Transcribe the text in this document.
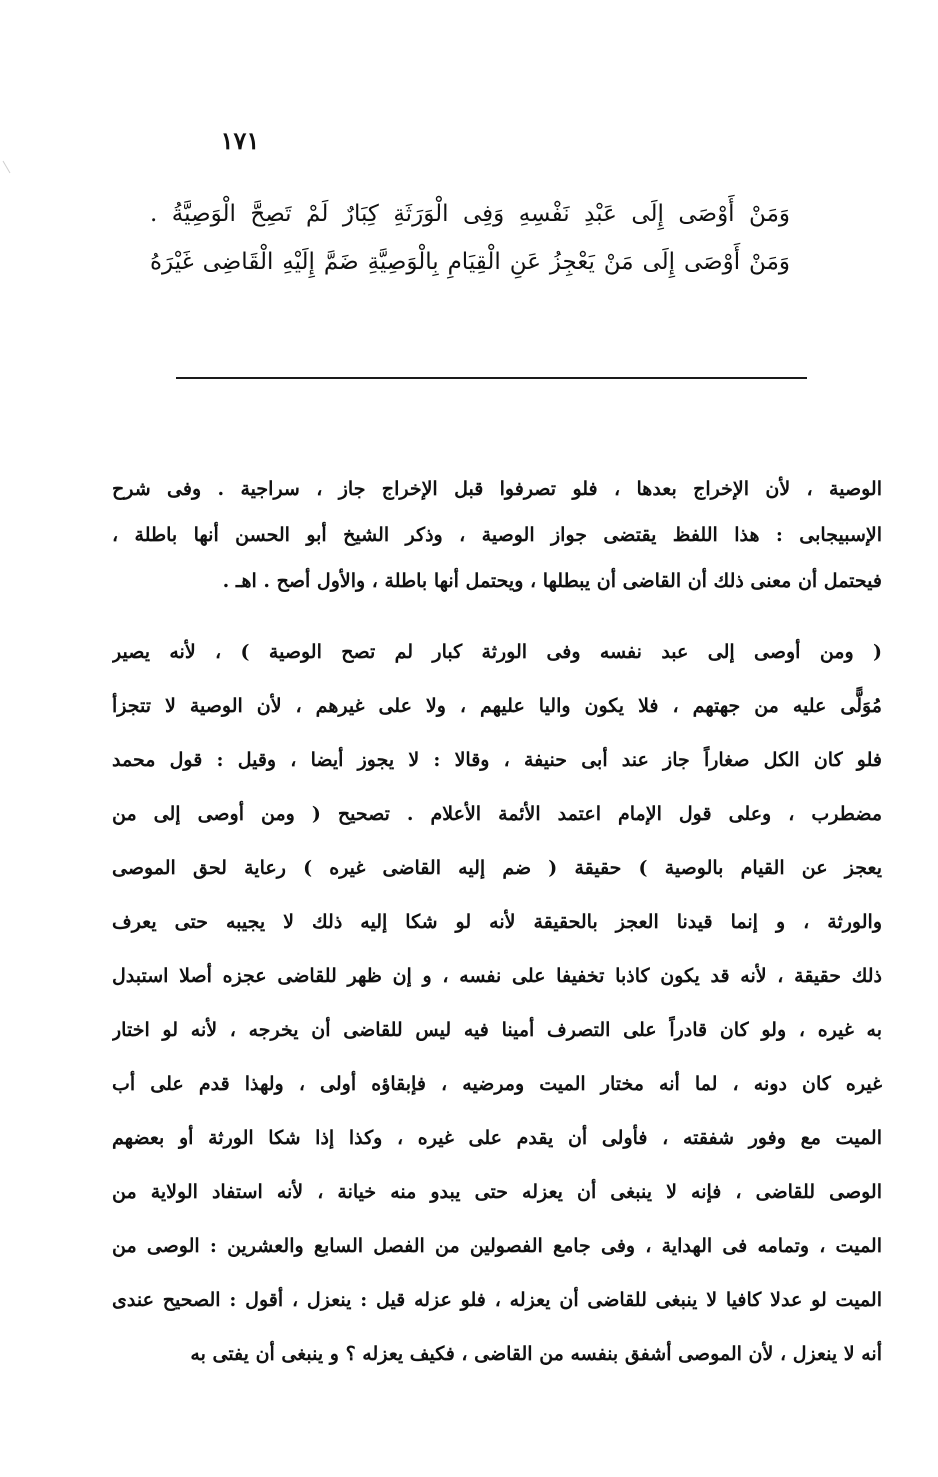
١٧١
وَمَنْ أَوْصَى إِلَى عَبْدِ نَفْسِهِ وَفِى الْوَرَثَةِ كِبَارٌ لَمْ تَصِحَّ الْوَصِيَّةُ .
وَمَنْ أَوْصَى إِلَى مَنْ يَعْجِزُ عَنِ الْقِيَامِ بِالْوَصِيَّةِ ضَمَّ إِلَيْهِ الْقَاضِى غَيْرَهُ
الوصية ، لأن الإخراج بعدها ، فلو تصرفوا قبل الإخراج جاز ، سراجية . وفى شرح
الإسبيجابى : هذا اللفظ يقتضى جواز الوصية ، وذكر الشيخ أبو الحسن أنها باطلة ،
فيحتمل أن معنى ذلك أن القاضى أن يبطلها ، ويحتمل أنها باطلة ، والأول أصح . اهـ .
( ومن أوصى إلى عبد نفسه وفى الورثة كبار لم تصح الوصية ) ، لأنه يصير
مُوَلًّى عليه من جهتهم ، فلا يكون واليا عليهم ، ولا على غيرهم ، لأن الوصية لا تتجزأ
فلو كان الكل صغاراً جاز عند أبى حنيفة ، وقالا : لا يجوز أيضا ، وقيل : قول محمد
مضطرب ، وعلى قول الإمام اعتمد الأئمة الأعلام . تصحيح ( ومن أوصى إلى من
يعجز عن القيام بالوصية ) حقيقة ( ضم إليه القاضى غيره ) رعاية لحق الموصى
والورثة ، و إنما قيدنا العجز بالحقيقة لأنه لو شكا إليه ذلك لا يجيبه حتى يعرف
ذلك حقيقة ، لأنه قد يكون كاذبا تخفيفا على نفسه ، و إن ظهر للقاضى عجزه أصلا استبدل
به غيره ، ولو كان قادراً على التصرف أمينا فيه ليس للقاضى أن يخرجه ، لأنه لو اختار
غيره كان دونه ، لما أنه مختار الميت ومرضيه ، فإبقاؤه أولى ، ولهذا قدم على أب
الميت مع وفور شفقته ، فأولى أن يقدم على غيره ، وكذا إذا شكا الورثة أو بعضهم
الوصى للقاضى ، فإنه لا ينبغى أن يعزله حتى يبدو منه خيانة ، لأنه استفاد الولاية من
الميت ، وتمامه فى الهداية ، وفى جامع الفصولين من الفصل السابع والعشرين : الوصى من
الميت لو عدلا كافيا لا ينبغى للقاضى أن يعزله ، فلو عزله قيل : ينعزل ، أقول : الصحيح عندى
أنه لا ينعزل ، لأن الموصى أشفق بنفسه من القاضى ، فكيف يعزله ؟ و ينبغى أن يفتى به
